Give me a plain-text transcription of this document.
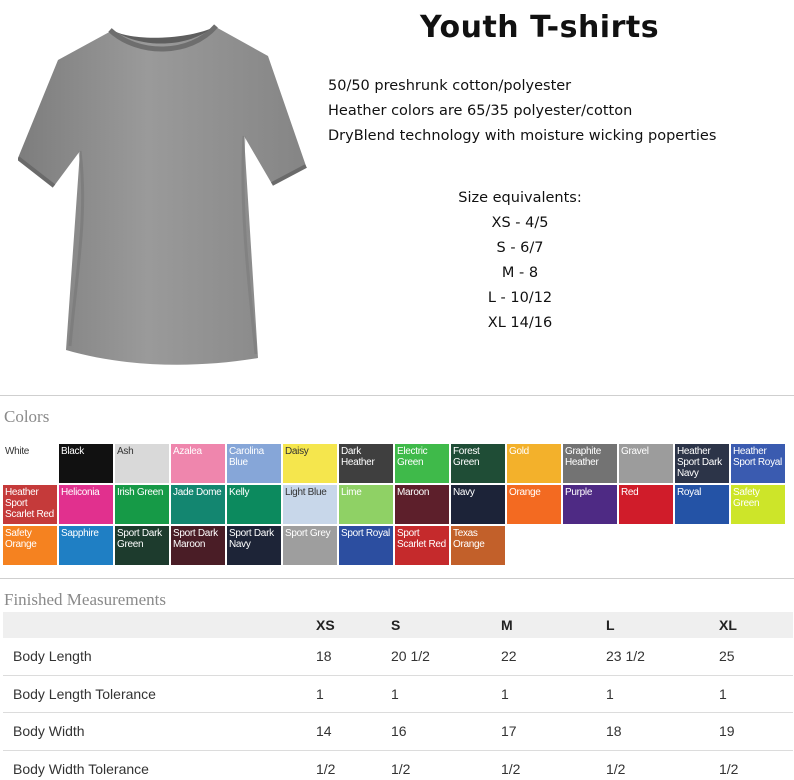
Youth T-shirts
50/50 preshrunk cotton/polyester
Heather colors are 65/35 polyester/cotton
DryBlend technology with moisture wicking poperties
Size equivalents:
XS - 4/5
S - 6/7
M - 8
L - 10/12
XL 14/16
Colors
White	Black	Ash	Azalea	Carolina Blue
Daisy	Dark Heather
Electric Green
Forest Green
Gold	Graphite Heather
Gravel	Heather Sport Dark Navy
Heather Sport Royal
Heather Sport Scarlet Red
Heliconia	Irish Green Jade Dome Kelly	Light Blue	Lime	Maroon	Navy	Orange	Purple	Red	Royal	Safety Green
Safety Orange
Sapphire	Sport Dark Green
Sport Dark Maroon
Sport Dark Navy
Sport Grey	Sport Royal Sport Scarlet Red
Texas Orange
Finished Measurements
XS	S	M	L	XL
Body Length	18	20 1/2	22	23 1/2	25
Body Length Tolerance	1	1	1	1	1
Body Width	14	16	17	18	19
Body Width Tolerance	1/2	1/2	1/2	1/2	1/2
